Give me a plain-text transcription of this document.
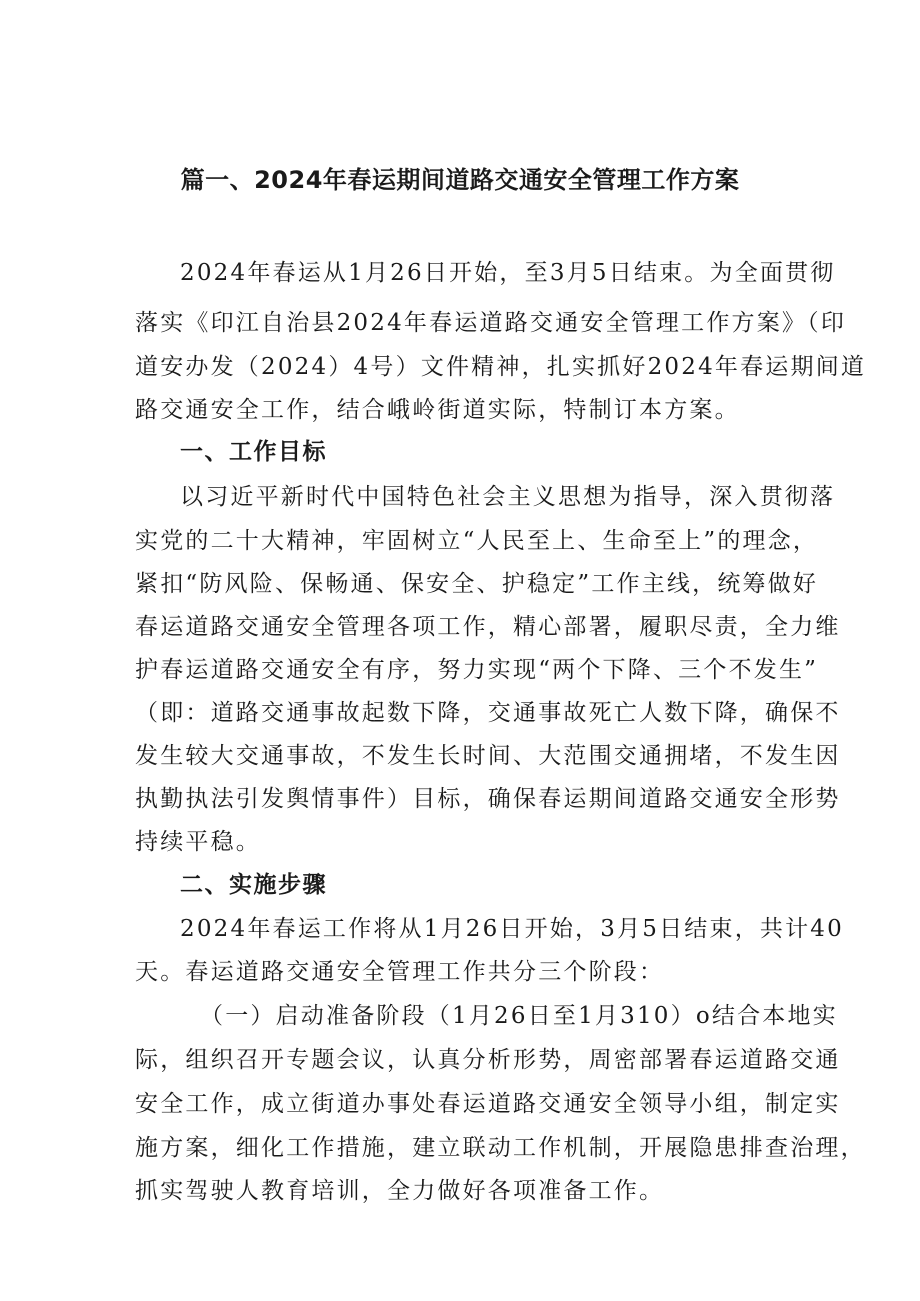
篇一、2024年春运期间道路交通安全管理工作方案

2024年春运从1月26日开始，至3月5日结束。为全面贯彻

落实《印江自治县2024年春运道路交通安全管理工作方案》（印

道安办发（2024）4号）文件精神，扎实抓好2024年春运期间道

路交通安全工作，结合峨岭街道实际，特制订本方案。

一、工作目标

以习近平新时代中国特色社会主义思想为指导，深入贯彻落

实党的二十大精神，牢固树立“人民至上、生命至上”的理念，

紧扣“防风险、保畅通、保安全、护稳定”工作主线，统筹做好

春运道路交通安全管理各项工作，精心部署，履职尽责，全力维

护春运道路交通安全有序，努力实现“两个下降、三个不发生”

（即：道路交通事故起数下降，交通事故死亡人数下降，确保不

发生较大交通事故，不发生长时间、大范围交通拥堵，不发生因

执勤执法引发舆情事件）目标，确保春运期间道路交通安全形势

持续平稳。

二、实施步骤

2024年春运工作将从1月26日开始，3月5日结束，共计40

天。春运道路交通安全管理工作共分三个阶段：

（一）启动准备阶段（1月26日至1月310）o结合本地实

际，组织召开专题会议，认真分析形势，周密部署春运道路交通

安全工作，成立街道办事处春运道路交通安全领导小组，制定实

施方案，细化工作措施，建立联动工作机制，开展隐患排查治理，

抓实驾驶人教育培训，全力做好各项准备工作。
